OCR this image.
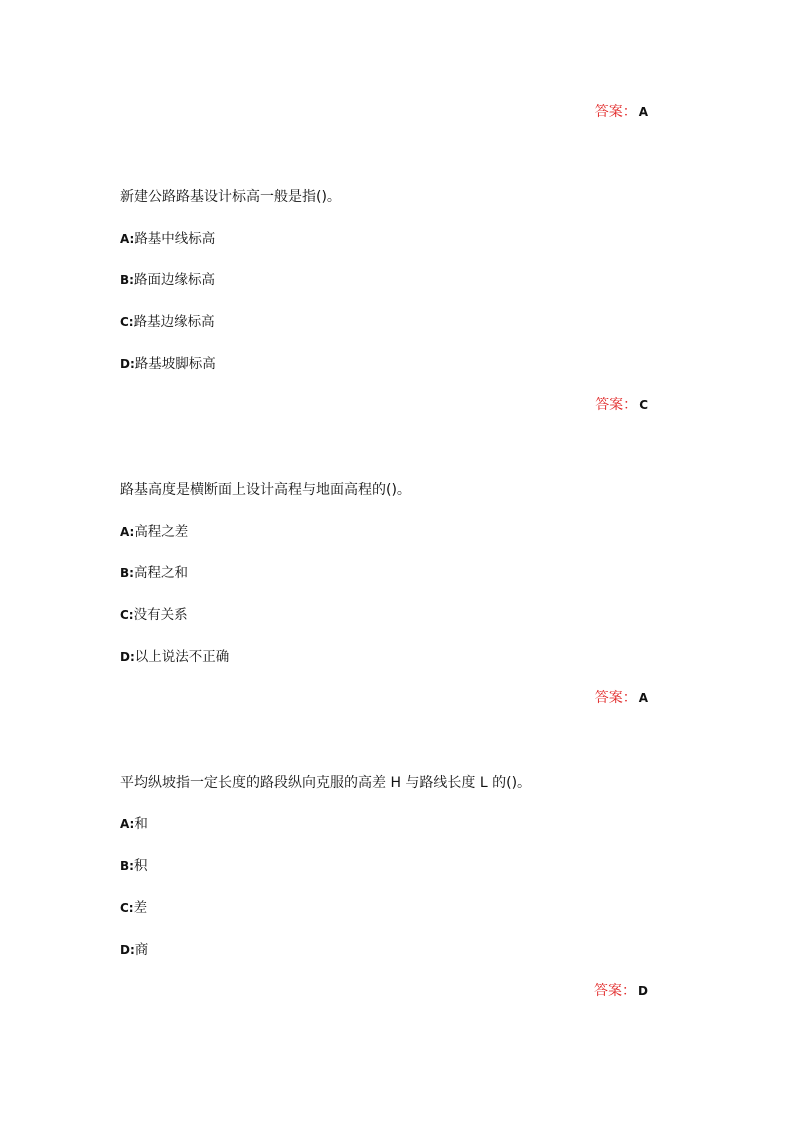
答案： A
新建公路路基设计标高一般是指()。
A:路基中线标高
B:路面边缘标高
C:路基边缘标高
D:路基坡脚标高
答案： C
路基高度是横断面上设计高程与地面高程的()。
A:高程之差
B:高程之和
C:没有关系
D:以上说法不正确
答案： A
平均纵坡指一定长度的路段纵向克服的高差 H 与路线长度 L 的()。
A:和
B:积
C:差
D:商
答案： D
